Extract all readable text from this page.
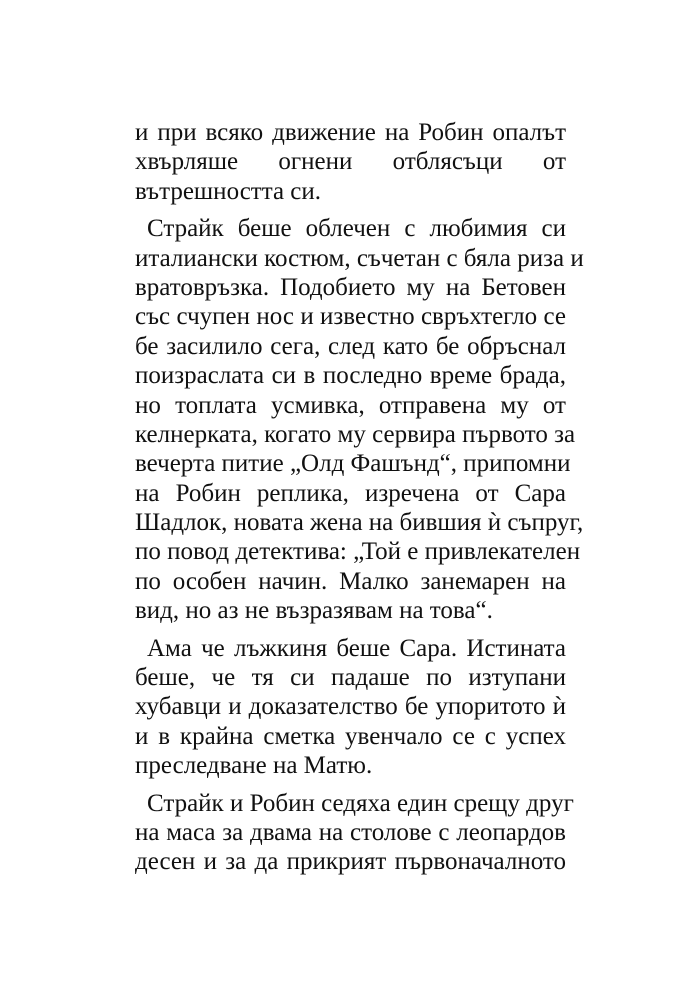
и при всяко движение на Робин опалът
хвърляше огнени отблясъци от
вътрешността си.
Страйк беше облечен с любимия си
италиански костюм, съчетан с бяла риза и
вратовръзка. Подобието му на Бетовен
със счупен нос и известно свръхтегло се
бе засилило сега, след като бе обръснал
поизраслата си в последно време брада,
но топлата усмивка, отправена му от
келнерката, когато му сервира първото за
вечерта питие „Олд Фашънд“, припомни
на Робин реплика, изречена от Сара
Шадлок, новата жена на бившия ѝ съпруг,
по повод детектива: „Той е привлекателен
по особен начин. Малко занемарен на
вид, но аз не възразявам на това“.
Ама че лъжкиня беше Сара. Истината
беше, че тя си падаше по изтупани
хубавци и доказателство бе упоритото ѝ
и в крайна сметка увенчало се с успех
преследване на Матю.
Страйк и Робин седяха един срещу друг
на маса за двама на столове с леопардов
десен и за да прикрият първоначалното
